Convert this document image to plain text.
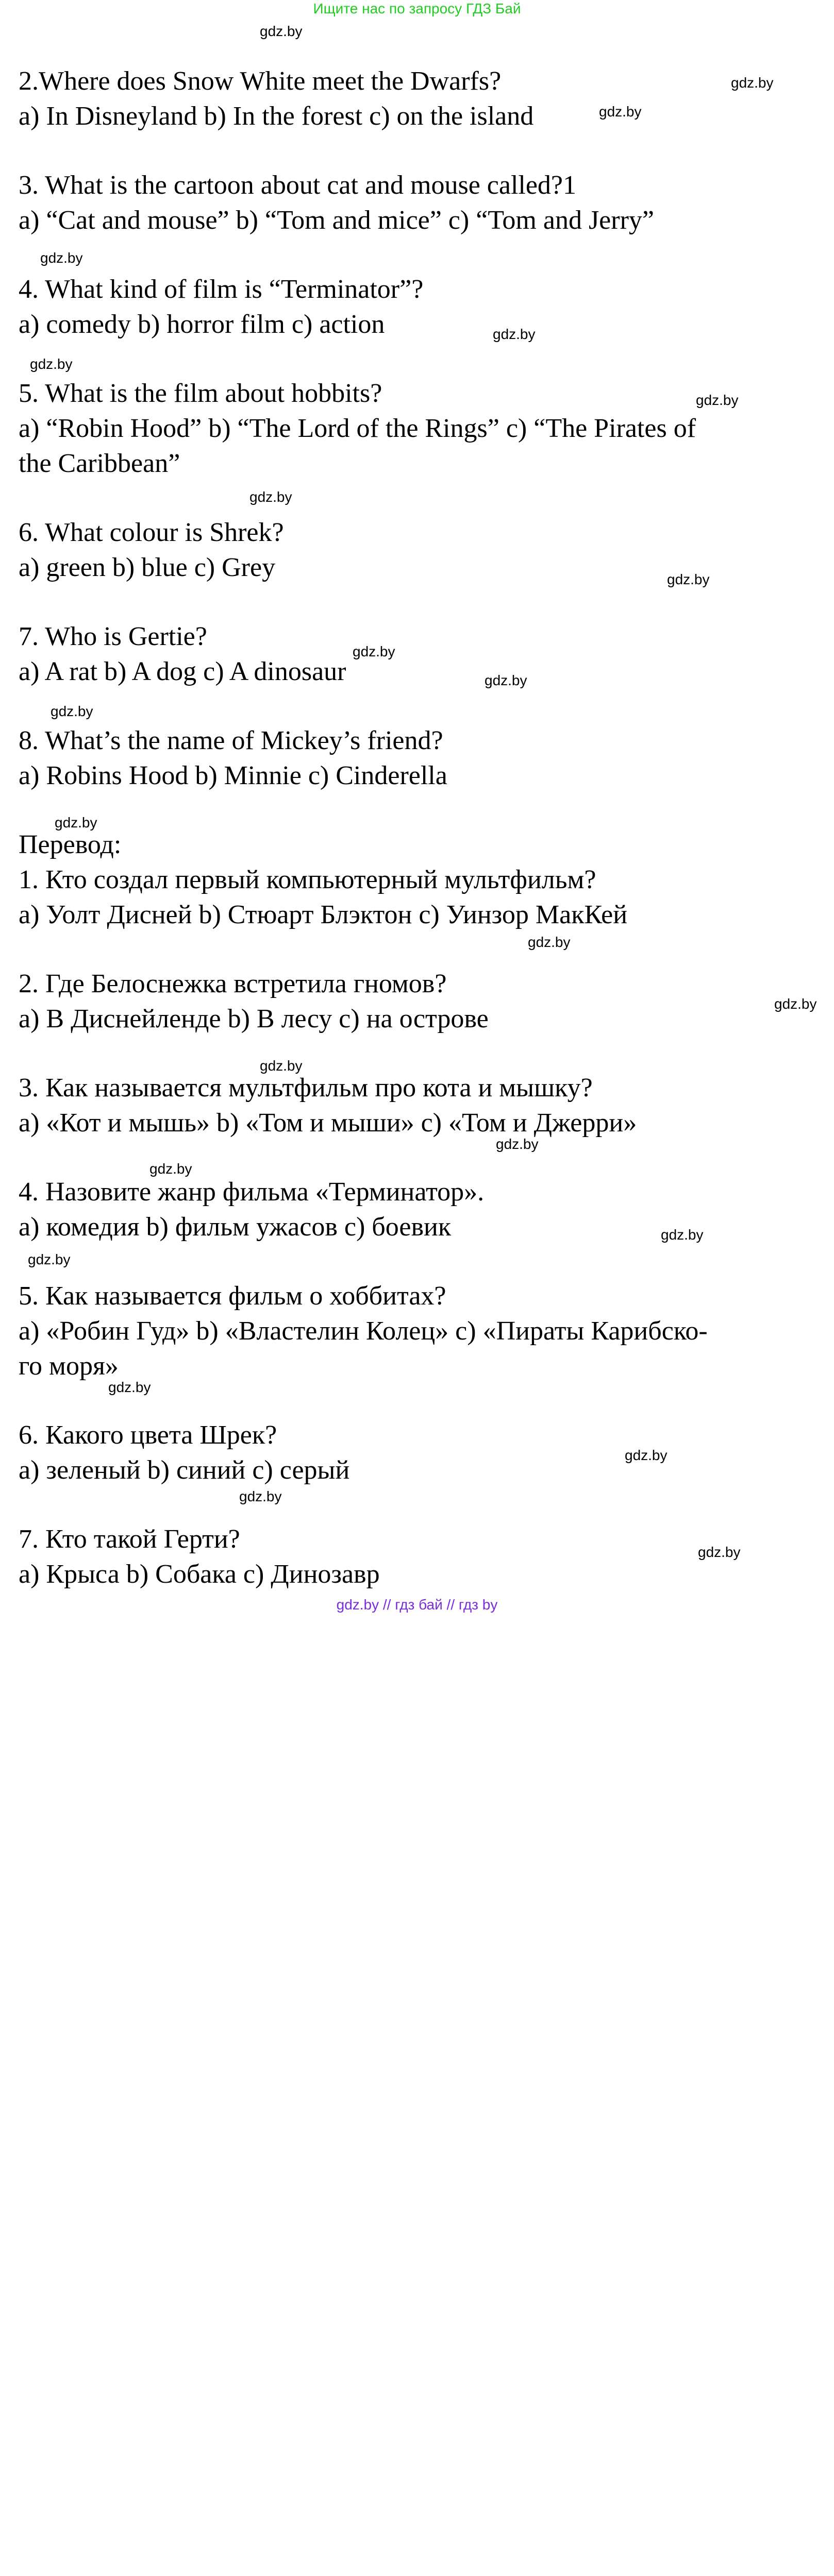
Ищите нас по запросу ГДЗ Бай

2.Where does Snow White meet the Dwarfs?

a) In Disneyland b) In the forest c) on the island

3. What is the cartoon about cat and mouse called?1

a) “Cat and mouse” b) “Tom and mice” c) “Tom and Jerry”

4. What kind of film is “Terminator”?

a) comedy b) horror film c) action

5. What is the film about hobbits?

a) “Robin Hood” b) “The Lord of the Rings” c) “The Pirates of

the Caribbean”

6. What colour is Shrek?

a) green b) blue c) Grey

7. Who is Gertie?

a) A rat b) A dog c) A dinosaur

8. What’s the name of Mickey’s friend?

a) Robins Hood b) Minnie c) Cinderella

Перевод:

1. Кто создал первый компьютерный мультфильм?

а) Уолт Дисней b) Стюарт Блэктон с) Уинзор МакКей

2. Где Белоснежка встретила гномов?

а) В Диснейленде b) В лесу с) на острове

3. Как называется мультфильм про кота и мышку?

а) «Кот и мышь» b) «Том и мыши» с) «Том и Джерри»

4. Назовите жанр фильма «Терминатор».

а) комедия b) фильм ужасов с) боевик

5. Как называется фильм о хоббитах?

а) «Робин Гуд» b) «Властелин Колец» с) «Пираты Карибско-

го моря»

6. Какого цвета Шрек?

а) зеленый b) синий с) серый

7. Кто такой Герти?

а) Крыса b) Собака с) Динозавр

gdz.by
gdz.by
gdz.by
gdz.by
gdz.by
gdz.by
gdz.by
gdz.by
gdz.by
gdz.by
gdz.by
gdz.by
gdz.by
gdz.by
gdz.by
gdz.by
gdz.by
gdz.by
gdz.by
gdz.by
gdz.by
gdz.by
gdz.by
gdz.by
gdz.by // гдз бай // гдз by
